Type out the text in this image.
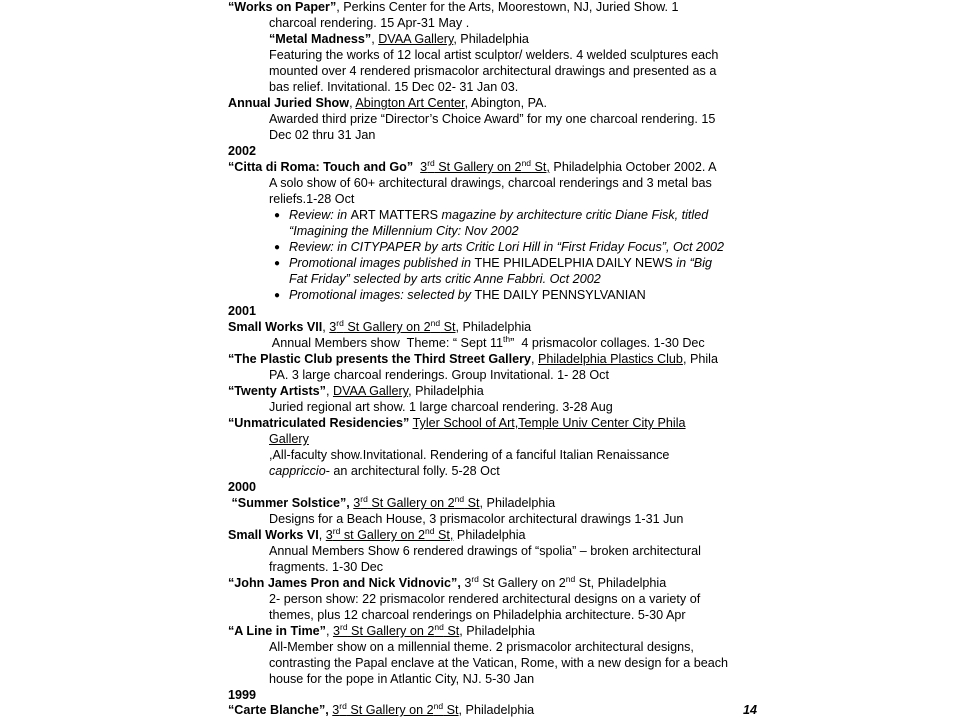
“Works on Paper”, Perkins Center for the Arts, Moorestown, NJ, Juried Show. 1
charcoal rendering. 15 Apr-31 May .
“Metal Madness”, DVAA Gallery, Philadelphia
Featuring the works of 12 local artist sculptor/ welders. 4 welded sculptures each
mounted over 4 rendered prismacolor architectural drawings and presented as a
bas relief. Invitational. 15 Dec 02- 31 Jan 03.
Annual Juried Show, Abington Art Center, Abington, PA.
Awarded third prize “Director’s Choice Award” for my one charcoal rendering. 15
Dec 02 thru 31 Jan
2002
“Citta di Roma: Touch and Go” 3rd St Gallery on 2nd St, Philadelphia October 2002. A
A solo show of 60+ architectural drawings, charcoal renderings and 3 metal bas
reliefs.1-28 Oct
● Review: in ART MATTERS magazine by architecture critic Diane Fisk, titled
“Imagining the Millennium City: Nov 2002
● Review: in CITYPAPER by arts Critic Lori Hill in “First Friday Focus”, Oct 2002
● Promotional images published in THE PHILADELPHIA DAILY NEWS in “Big
Fat Friday” selected by arts critic Anne Fabbri. Oct 2002
● Promotional images: selected by THE DAILY PENNSYLVANIAN
2001
Small Works VII, 3rd St Gallery on 2nd St, Philadelphia
Annual Members show  Theme: “ Sept 11th”  4 prismacolor collages. 1-30 Dec
“The Plastic Club presents the Third Street Gallery, Philadelphia Plastics Club, Phila
PA. 3 large charcoal renderings. Group Invitational. 1- 28 Oct
“Twenty Artists”, DVAA Gallery, Philadelphia
Juried regional art show. 1 large charcoal rendering. 3-28 Aug
“Unmatriculated Residencies” Tyler School of Art,Temple Univ Center City Phila
Gallery
,All-faculty show.Invitational. Rendering of a fanciful Italian Renaissance
cappriccio- an architectural folly. 5-28 Oct
2000
“Summer Solstice”, 3rd St Gallery on 2nd St, Philadelphia
Designs for a Beach House, 3 prismacolor architectural drawings 1-31 Jun
Small Works VI, 3rd st Gallery on 2nd St, Philadelphia
Annual Members Show 6 rendered drawings of “spolia” – broken architectural
fragments. 1-30 Dec
“John James Pron and Nick Vidnovic”, 3rd St Gallery on 2nd St, Philadelphia
2- person show: 22 prismacolor rendered architectural designs on a variety of
themes, plus 12 charcoal renderings on Philadelphia architecture. 5-30 Apr
“A Line in Time”, 3rd St Gallery on 2nd St, Philadelphia
All-Member show on a millennial theme. 2 prismacolor architectural designs,
contrasting the Papal enclave at the Vatican, Rome, with a new design for a beach
house for the pope in Atlantic City, NJ. 5-30 Jan
1999
“Carte Blanche”, 3rd St Gallery on 2nd St, Philadelphia	14
